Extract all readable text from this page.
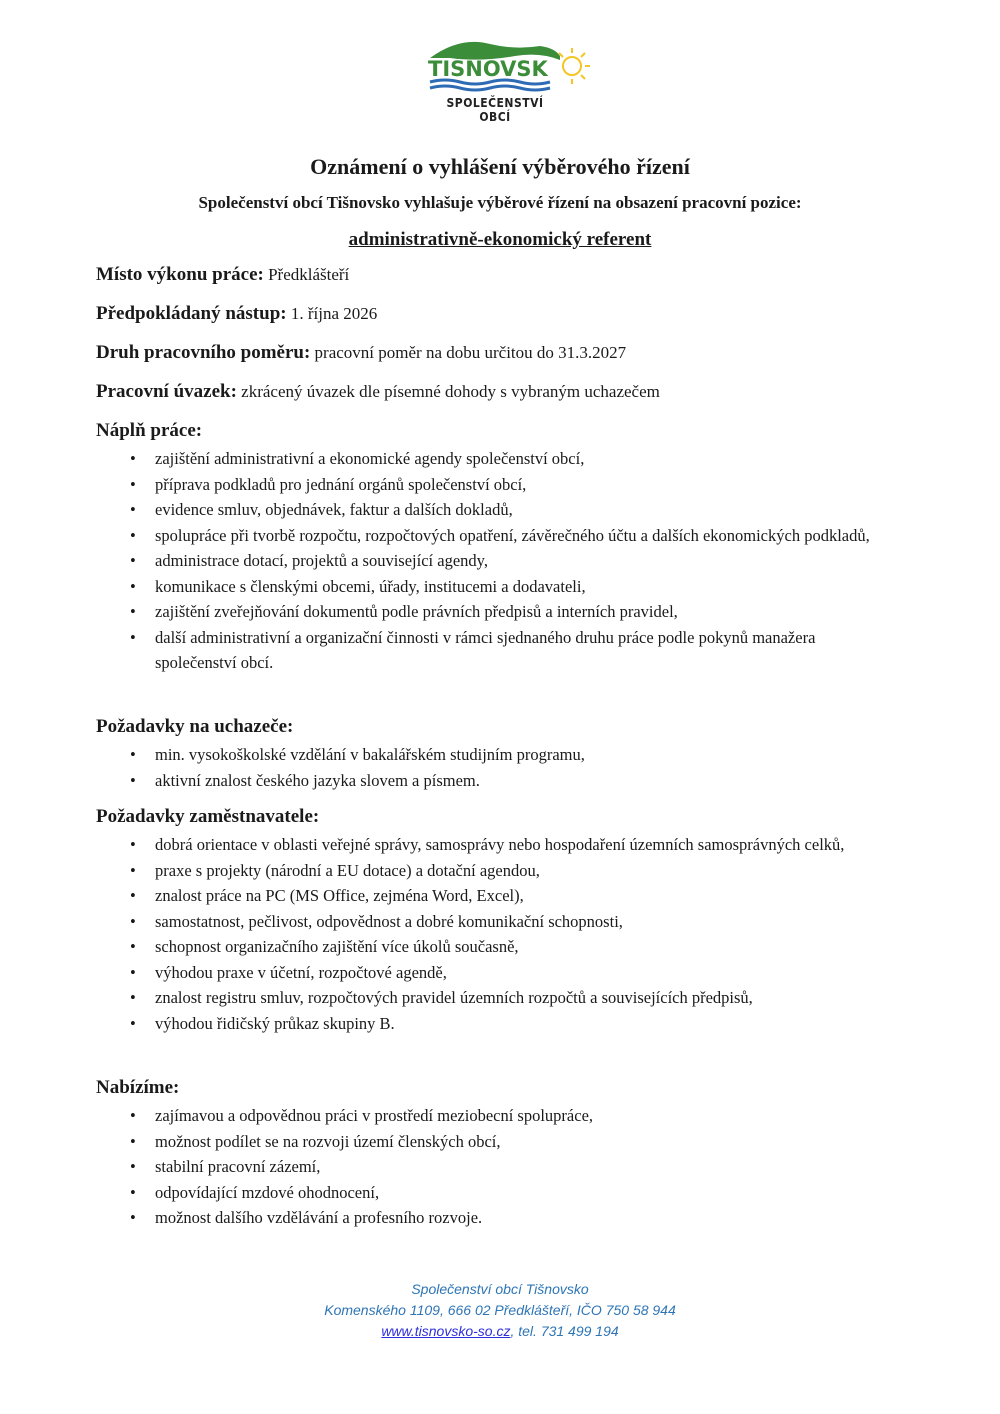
TIŠNOVSK
SPOLEČENSTVÍ OBCÍ
Oznámení o vyhlášení výběrového řízení
Společenství obcí Tišnovsko vyhlašuje výběrové řízení na obsazení pracovní pozice:
administrativně-ekonomický referent
Místo výkonu práce: Předklášteří
Předpokládaný nástup: 1. října 2026
Druh pracovního poměru: pracovní poměr na dobu určitou do 31.3.2027
Pracovní úvazek: zkrácený úvazek dle písemné dohody s vybraným uchazečem
Náplň práce:
• zajištění administrativní a ekonomické agendy společenství obcí,
• příprava podkladů pro jednání orgánů společenství obcí,
• evidence smluv, objednávek, faktur a dalších dokladů,
• spolupráce při tvorbě rozpočtu, rozpočtových opatření, závěrečného účtu a dalších ekonomických podkladů,
• administrace dotací, projektů a související agendy,
• komunikace s členskými obcemi, úřady, institucemi a dodavateli,
• zajištění zveřejňování dokumentů podle právních předpisů a interních pravidel,
• další administrativní a organizační činnosti v rámci sjednaného druhu práce podle pokynů manažera společenství obcí.
Požadavky na uchazeče:
• min. vysokoškolské vzdělání v bakalářském studijním programu,
• aktivní znalost českého jazyka slovem a písmem.
Požadavky zaměstnavatele:
• dobrá orientace v oblasti veřejné správy, samosprávy nebo hospodaření územních samosprávných celků,
• praxe s projekty (národní a EU dotace) a dotační agendou,
• znalost práce na PC (MS Office, zejména Word, Excel),
• samostatnost, pečlivost, odpovědnost a dobré komunikační schopnosti,
• schopnost organizačního zajištění více úkolů současně,
• výhodou praxe v účetní, rozpočtové agendě,
• znalost registru smluv, rozpočtových pravidel územních rozpočtů a souvisejících předpisů,
• výhodou řidičský průkaz skupiny B.
Nabízíme:
• zajímavou a odpovědnou práci v prostředí meziobecní spolupráce,
• možnost podílet se na rozvoji území členských obcí,
• stabilní pracovní zázemí,
• odpovídající mzdové ohodnocení,
• možnost dalšího vzdělávání a profesního rozvoje.
Společenství obcí Tišnovsko
Komenského 1109, 666 02 Předklášteří, IČO 750 58 944
www.tisnovsko-so.cz, tel. 731 499 194
